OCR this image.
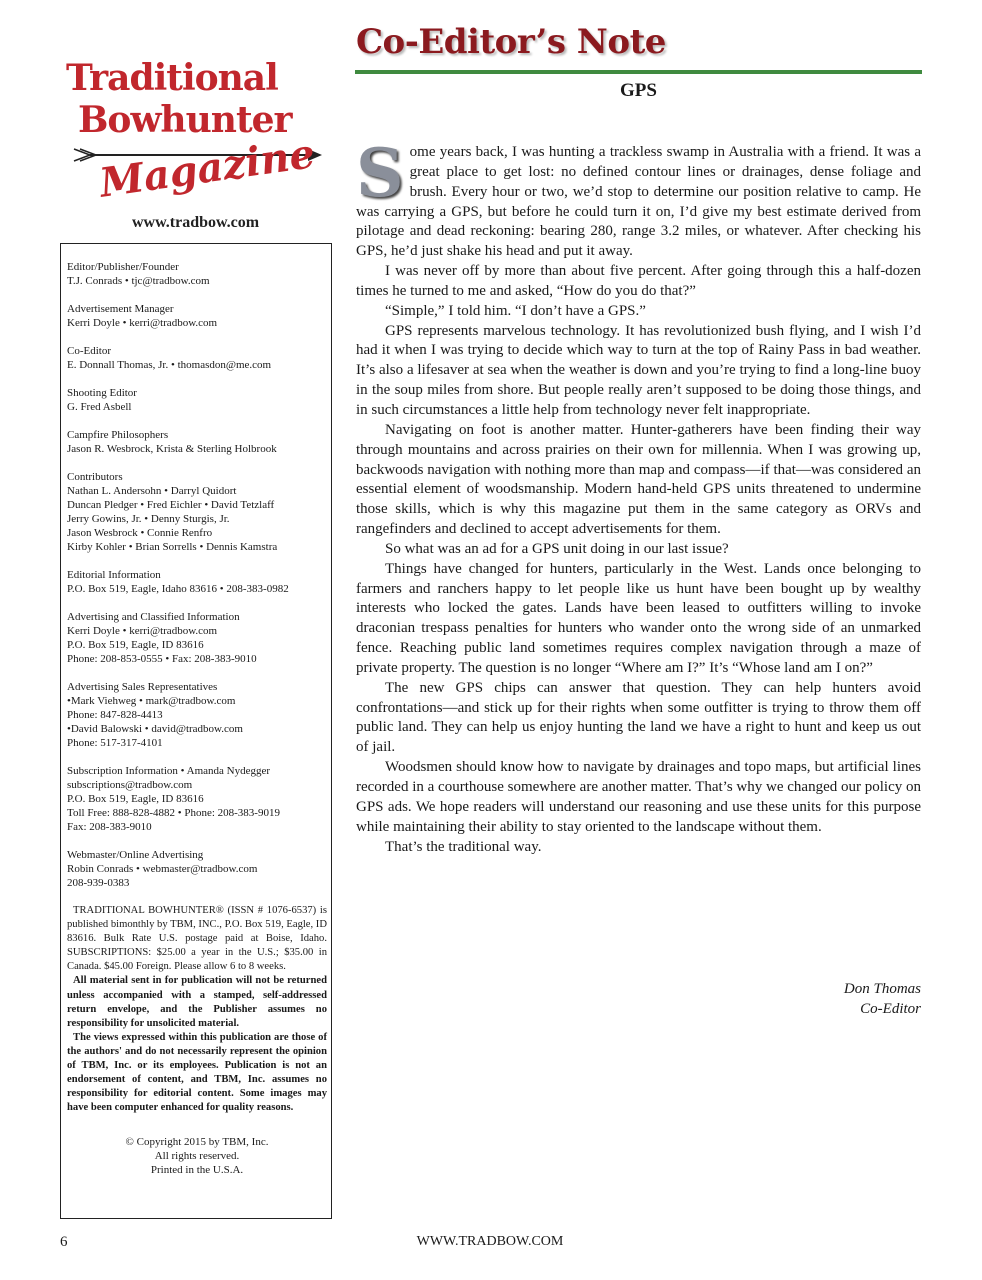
Traditional
Bowhunter
Magazine
www.tradbow.com
Co-Editor’s Note
GPS
Editor/Publisher/Founder
T.J. Conrads • tjc@tradbow.com
Advertisement Manager
Kerri Doyle • kerri@tradbow.com
Co-Editor
E. Donnall Thomas, Jr. • thomasdon@me.com
Shooting Editor
G. Fred Asbell
Campfire Philosophers
Jason R. Wesbrock, Krista & Sterling Holbrook
Contributors
Nathan L. Andersohn • Darryl Quidort
Duncan Pledger • Fred Eichler • David Tetzlaff
Jerry Gowins, Jr. • Denny Sturgis, Jr.
Jason Wesbrock • Connie Renfro
Kirby Kohler • Brian Sorrells • Dennis Kamstra
Editorial Information
P.O. Box 519, Eagle, Idaho 83616 • 208-383-0982
Advertising and Classified Information
Kerri Doyle • kerri@tradbow.com
P.O. Box 519, Eagle, ID 83616
Phone: 208-853-0555 • Fax: 208-383-9010
Advertising Sales Representatives
•Mark Viehweg • mark@tradbow.com
Phone: 847-828-4413
•David Balowski • david@tradbow.com
Phone: 517-317-4101
Subscription Information • Amanda Nydegger
subscriptions@tradbow.com
P.O. Box 519, Eagle, ID 83616
Toll Free: 888-828-4882 • Phone: 208-383-9019
Fax: 208-383-9010
Webmaster/Online Advertising
Robin Conrads • webmaster@tradbow.com
208-939-0383

TRADITIONAL BOWHUNTER® (ISSN # 1076-6537) is published bimonthly by TBM, INC., P.O. Box 519, Eagle, ID 83616. Bulk Rate U.S. postage paid at Boise, Idaho. SUBSCRIPTIONS: $25.00 a year in the U.S.; $35.00 in Canada. $45.00 Foreign. Please allow 6 to 8 weeks.

All material sent in for publication will not be returned unless accompanied with a stamped, self-addressed return envelope, and the Publisher assumes no responsibility for unsolicited material.

The views expressed within this publication are those of the authors' and do not necessarily represent the opinion of TBM, Inc. or its employees. Publication is not an endorsement of content, and TBM, Inc. assumes no responsibility for editorial content. Some images may have been computer enhanced for quality reasons.

© Copyright 2015 by TBM, Inc.
All rights reserved.
Printed in the U.S.A.

Some years back, I was hunting a trackless swamp in Australia with a friend. It was a great place to get lost: no defined contour lines or drainages, dense foliage and brush. Every hour or two, we’d stop to determine our position relative to camp. He was carrying a GPS, but before he could turn it on, I’d give my best estimate derived from pilotage and dead reckoning: bearing 280, range 3.2 miles, or whatever. After checking his GPS, he’d just shake his head and put it away.

I was never off by more than about five percent. After going through this a half-dozen times he turned to me and asked, “How do you do that?”

“Simple,” I told him. “I don’t have a GPS.”

GPS represents marvelous technology. It has revolutionized bush flying, and I wish I’d had it when I was trying to decide which way to turn at the top of Rainy Pass in bad weather. It’s also a lifesaver at sea when the weather is down and you’re trying to find a long-line buoy in the soup miles from shore. But people really aren’t supposed to be doing those things, and in such circumstances a little help from technology never felt inappropriate.

Navigating on foot is another matter. Hunter-gatherers have been finding their way through mountains and across prairies on their own for millennia. When I was growing up, backwoods navigation with nothing more than map and compass—if that—was considered an essential element of woodsmanship. Modern hand-held GPS units threatened to undermine those skills, which is why this magazine put them in the same category as ORVs and rangefinders and declined to accept advertisements for them.

So what was an ad for a GPS unit doing in our last issue?

Things have changed for hunters, particularly in the West. Lands once belonging to farmers and ranchers happy to let people like us hunt have been bought up by wealthy interests who locked the gates. Lands have been leased to outfitters willing to invoke draconian trespass penalties for hunters who wander onto the wrong side of an unmarked fence. Reaching public land sometimes requires complex navigation through a maze of private property. The question is no longer “Where am I?” It’s “Whose land am I on?”

The new GPS chips can answer that question. They can help hunters avoid confrontations—and stick up for their rights when some outfitter is trying to throw them off public land. They can help us enjoy hunting the land we have a right to hunt and keep us out of jail.

Woodsmen should know how to navigate by drainages and topo maps, but artificial lines recorded in a courthouse somewhere are another matter. That’s why we changed our policy on GPS ads. We hope readers will understand our reasoning and use these units for this purpose while maintaining their ability to stay oriented to the landscape without them.

That’s the traditional way.

Don Thomas
Co-Editor
6	WWW.TRADBOW.COM
